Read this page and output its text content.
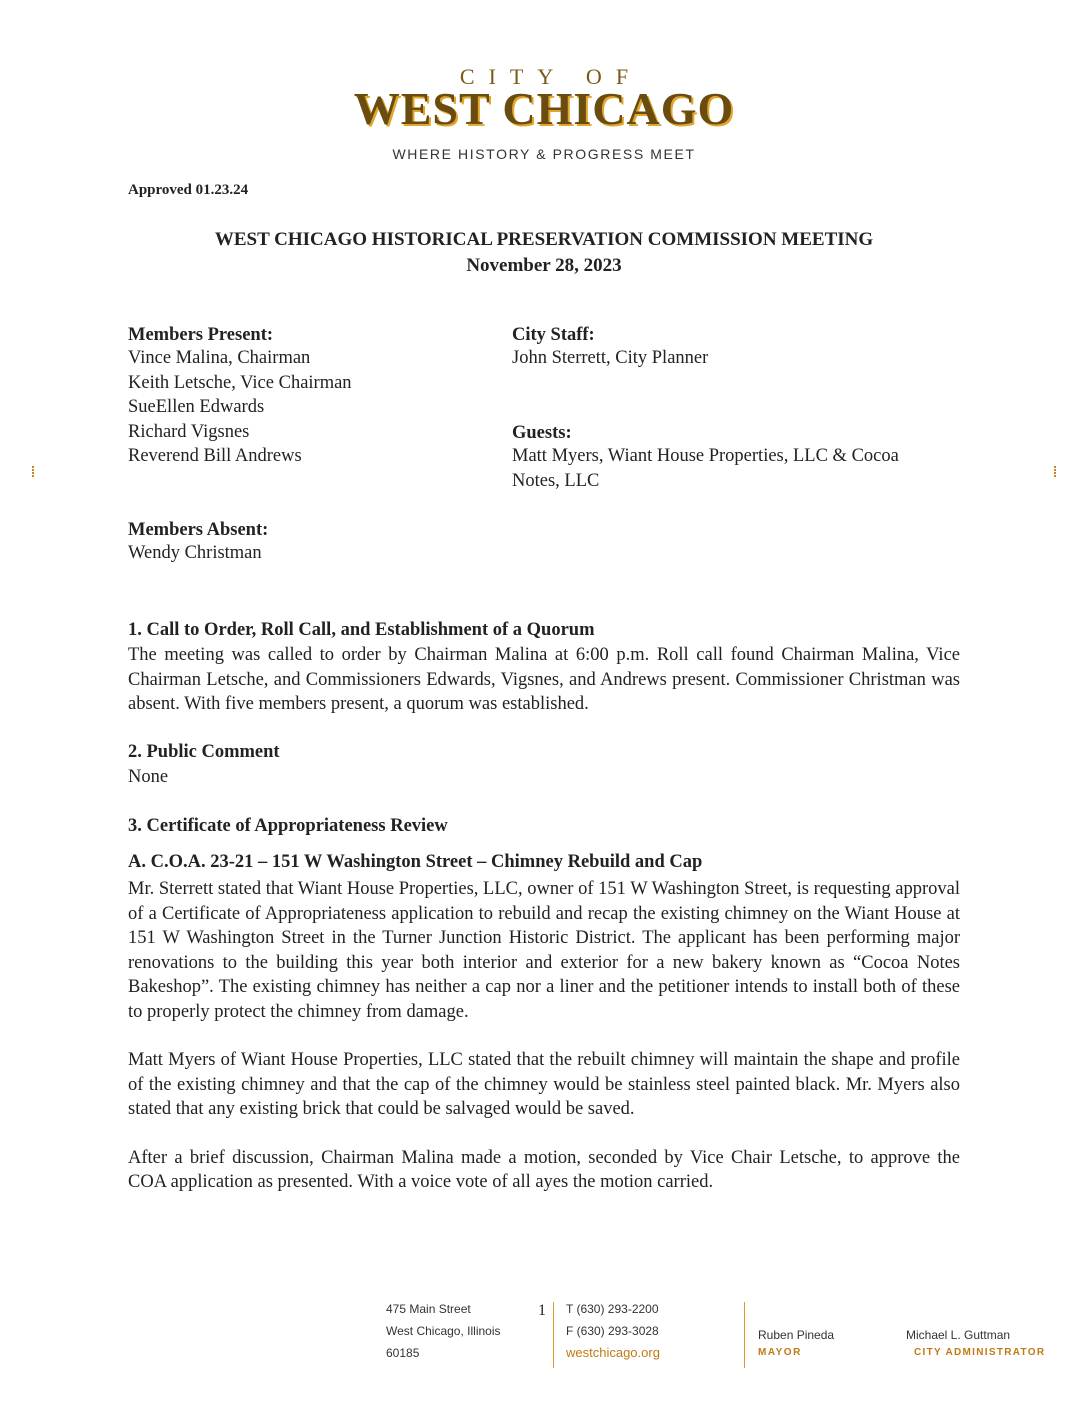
CITY OF
WEST CHICAGO
WHERE HISTORY & PROGRESS MEET
Approved 01.23.24
WEST CHICAGO HISTORICAL PRESERVATION COMMISSION MEETING
November 28, 2023
Members Present:
Vince Malina, Chairman
Keith Letsche, Vice Chairman
SueEllen Edwards
Richard Vigsnes
Reverend Bill Andrews
City Staff:
John Sterrett, City Planner
Guests:
Matt Myers, Wiant House Properties, LLC & Cocoa
Notes, LLC
Members Absent:
Wendy Christman
1. Call to Order, Roll Call, and Establishment of a Quorum
The meeting was called to order by Chairman Malina at 6:00 p.m. Roll call found Chairman Malina, Vice Chairman Letsche, and Commissioners Edwards, Vigsnes, and Andrews present. Commissioner Christman was absent. With five members present, a quorum was established.
2. Public Comment
None
3. Certificate of Appropriateness Review
A. C.O.A. 23-21 – 151 W Washington Street – Chimney Rebuild and Cap
Mr. Sterrett stated that Wiant House Properties, LLC, owner of 151 W Washington Street, is requesting approval of a Certificate of Appropriateness application to rebuild and recap the existing chimney on the Wiant House at 151 W Washington Street in the Turner Junction Historic District. The applicant has been performing major renovations to the building this year both interior and exterior for a new bakery known as “Cocoa Notes Bakeshop”. The existing chimney has neither a cap nor a liner and the petitioner intends to install both of these to properly protect the chimney from damage.
Matt Myers of Wiant House Properties, LLC stated that the rebuilt chimney will maintain the shape and profile of the existing chimney and that the cap of the chimney would be stainless steel painted black. Mr. Myers also stated that any existing brick that could be salvaged would be saved.
After a brief discussion, Chairman Malina made a motion, seconded by Vice Chair Letsche, to approve the COA application as presented. With a voice vote of all ayes the motion carried.
475 Main Street
West Chicago, Illinois
60185
1 T (630) 293-2200
F (630) 293-3028
westchicago.org
Ruben Pineda
MAYOR
Michael L. Guttman
CITY ADMINISTRATOR
